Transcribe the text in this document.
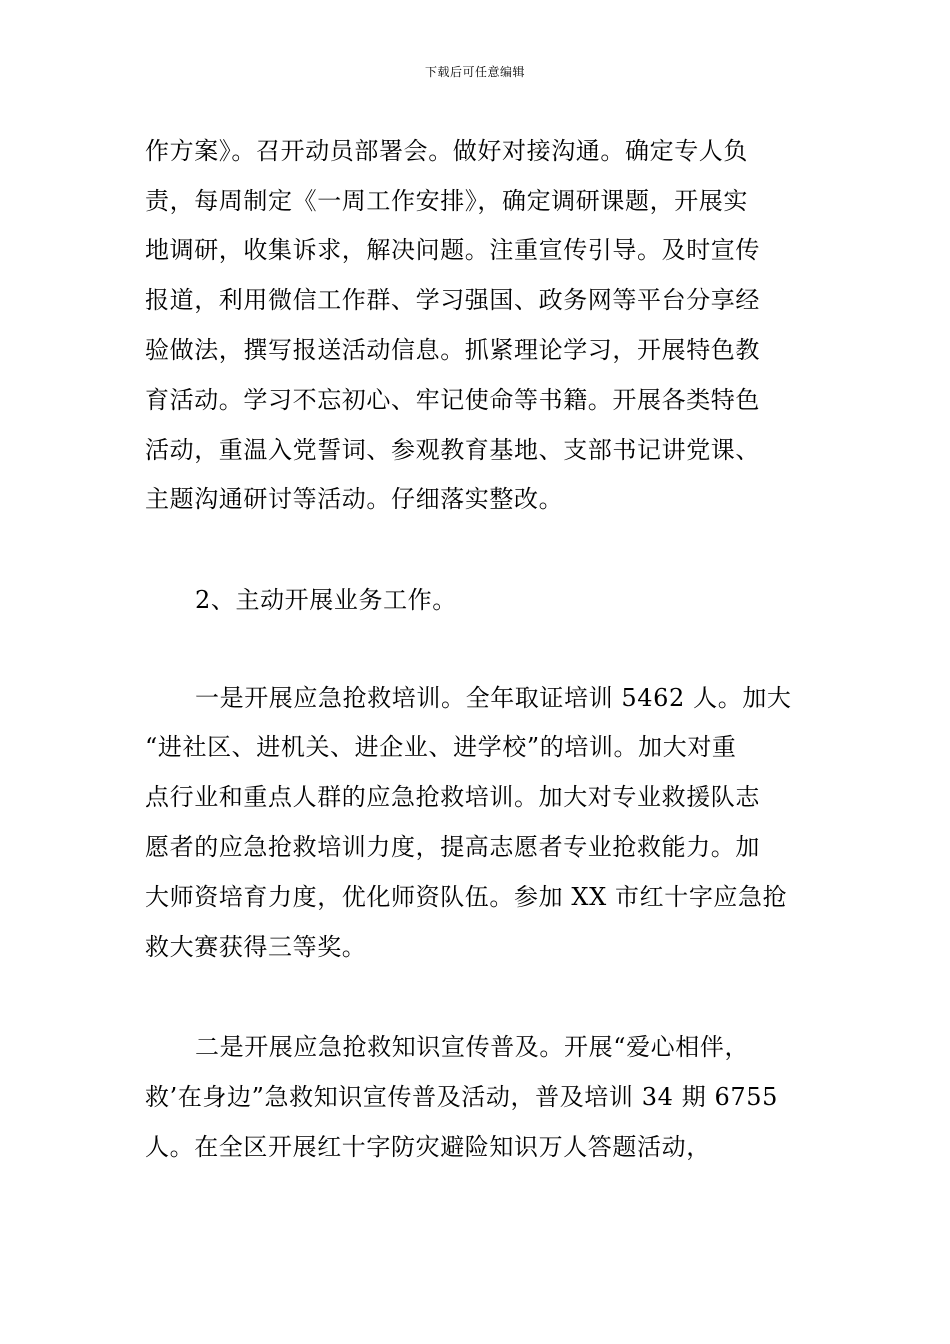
下载后可任意编辑
作方案》。召开动员部署会。做好对接沟通。确定专人负
责，每周制定《一周工作安排》，确定调研课题，开展实
地调研，收集诉求，解决问题。注重宣传引导。及时宣传
报道，利用微信工作群、学习强国、政务网等平台分享经
验做法，撰写报送活动信息。抓紧理论学习，开展特色教
育活动。学习不忘初心、牢记使命等书籍。开展各类特色
活动，重温入党誓词、参观教育基地、支部书记讲党课、
主题沟通研讨等活动。仔细落实整改。
2、主动开展业务工作。
一是开展应急抢救培训。全年取证培训 5462 人。加大
“进社区、进机关、进企业、进学校”的培训。加大对重
点行业和重点人群的应急抢救培训。加大对专业救援队志
愿者的应急抢救培训力度，提高志愿者专业抢救能力。加
大师资培育力度，优化师资队伍。参加 XX 市红十字应急抢
救大赛获得三等奖。
二是开展应急抢救知识宣传普及。开展“爱心相伴，
救’在身边”急救知识宣传普及活动，普及培训 34 期 6755
人。在全区开展红十字防灾避险知识万人答题活动，
